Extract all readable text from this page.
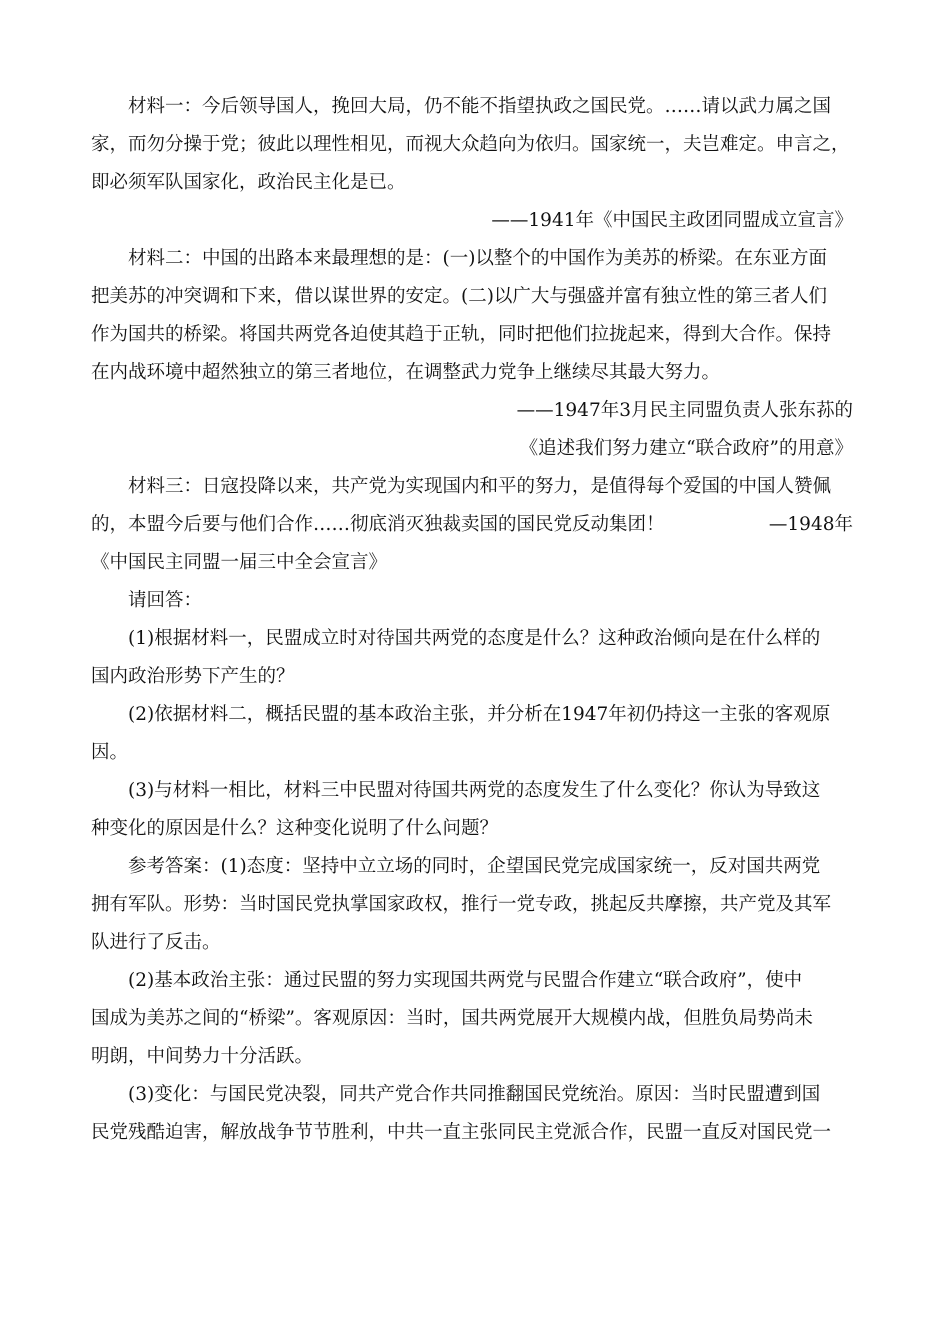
材料一：今后领导国人，挽回大局，仍不能不指望执政之国民党。……请以武力属之国
家，而勿分操于党；彼此以理性相见，而视大众趋向为依归。国家统一，夫岂难定。申言之，
即必须军队国家化，政治民主化是已。
——1941年《中国民主政团同盟成立宣言》
材料二：中国的出路本来最理想的是：(一)以整个的中国作为美苏的桥梁。在东亚方面
把美苏的冲突调和下来，借以谋世界的安定。(二)以广大与强盛并富有独立性的第三者人们
作为国共的桥梁。将国共两党各迫使其趋于正轨，同时把他们拉拢起来，得到大合作。保持
在内战环境中超然独立的第三者地位，在调整武力党争上继续尽其最大努力。
——1947年3月民主同盟负责人张东荪的
《追述我们努力建立“联合政府”的用意》
材料三：日寇投降以来，共产党为实现国内和平的努力，是值得每个爱国的中国人赞佩
的，本盟今后要与他们合作……彻底消灭独裁卖国的国民党反动集团！	—1948年
《中国民主同盟一届三中全会宣言》
请回答：
(1)根据材料一，民盟成立时对待国共两党的态度是什么？这种政治倾向是在什么样的
国内政治形势下产生的？
(2)依据材料二，概括民盟的基本政治主张，并分析在1947年初仍持这一主张的客观原
因。
(3)与材料一相比，材料三中民盟对待国共两党的态度发生了什么变化？你认为导致这
种变化的原因是什么？这种变化说明了什么问题？
参考答案：(1)态度：坚持中立立场的同时，企望国民党完成国家统一，反对国共两党
拥有军队。形势：当时国民党执掌国家政权，推行一党专政，挑起反共摩擦，共产党及其军
队进行了反击。
(2)基本政治主张：通过民盟的努力实现国共两党与民盟合作建立“联合政府”，使中
国成为美苏之间的“桥梁”。客观原因：当时，国共两党展开大规模内战，但胜负局势尚未
明朗，中间势力十分活跃。
(3)变化：与国民党决裂，同共产党合作共同推翻国民党统治。原因：当时民盟遭到国
民党残酷迫害，解放战争节节胜利，中共一直主张同民主党派合作，民盟一直反对国民党一
